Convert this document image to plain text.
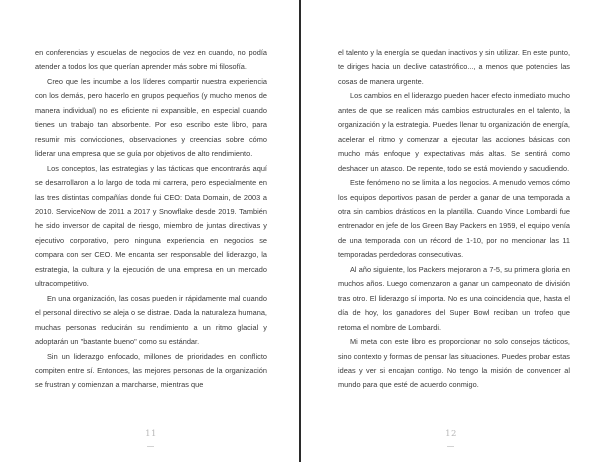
en conferencias y escuelas de negocios de vez en cuando, no podía atender a todos los que querían aprender más sobre mi filosofía.

Creo que les incumbe a los líderes compartir nuestra experiencia con los demás, pero hacerlo en grupos pequeños (y mucho menos de manera individual) no es eficiente ni expansible, en especial cuando tienes un trabajo tan absorbente. Por eso escribo este libro, para resumir mis convicciones, observaciones y creencias sobre cómo liderar una empresa que se guía por objetivos de alto rendimiento.

Los conceptos, las estrategias y las tácticas que encontrarás aquí se desarrollaron a lo largo de toda mi carrera, pero especialmente en las tres distintas compañías donde fui CEO: Data Domain, de 2003 a 2010. ServiceNow de 2011 a 2017 y Snowflake desde 2019. También he sido inversor de capital de riesgo, miembro de juntas directivas y ejecutivo corporativo, pero ninguna experiencia en negocios se compara con ser CEO. Me encanta ser responsable del liderazgo, la estrategia, la cultura y la ejecución de una empresa en un mercado ultracompetitivo.

En una organización, las cosas pueden ir rápidamente mal cuando el personal directivo se aleja o se distrae. Dada la naturaleza humana, muchas personas reducirán su rendimiento a un ritmo glacial y adoptarán un "bastante bueno" como su estándar.

Sin un liderazgo enfocado, millones de prioridades en conflicto compiten entre sí. Entonces, las mejores personas de la organización se frustran y comienzan a marcharse, mientras que

11

el talento y la energía se quedan inactivos y sin utilizar. En este punto, te diriges hacia un declive catastrófico..., a menos que potencies las cosas de manera urgente.

Los cambios en el liderazgo pueden hacer efecto inmediato mucho antes de que se realicen más cambios estructurales en el talento, la organización y la estrategia. Puedes llenar tu organización de energía, acelerar el ritmo y comenzar a ejecutar las acciones básicas con mucho más enfoque y expectativas más altas. Se sentirá como deshacer un atasco. De repente, todo se está moviendo y sacudiendo.

Este fenómeno no se limita a los negocios. A menudo vemos cómo los equipos deportivos pasan de perder a ganar de una temporada a otra sin cambios drásticos en la plantilla. Cuando Vince Lombardi fue entrenador en jefe de los Green Bay Packers en 1959, el equipo venía de una temporada con un récord de 1-10, por no mencionar las 11 temporadas perdedoras consecutivas.

Al año siguiente, los Packers mejoraron a 7-5, su primera gloria en muchos años. Luego comenzaron a ganar un campeonato de división tras otro. El liderazgo sí importa. No es una coincidencia que, hasta el día de hoy, los ganadores del Super Bowl reciban un trofeo que retoma el nombre de Lombardi.

Mi meta con este libro es proporcionar no solo consejos tácticos, sino contexto y formas de pensar las situaciones. Puedes probar estas ideas y ver si encajan contigo. No tengo la misión de convencer al mundo para que esté de acuerdo conmigo.

12
